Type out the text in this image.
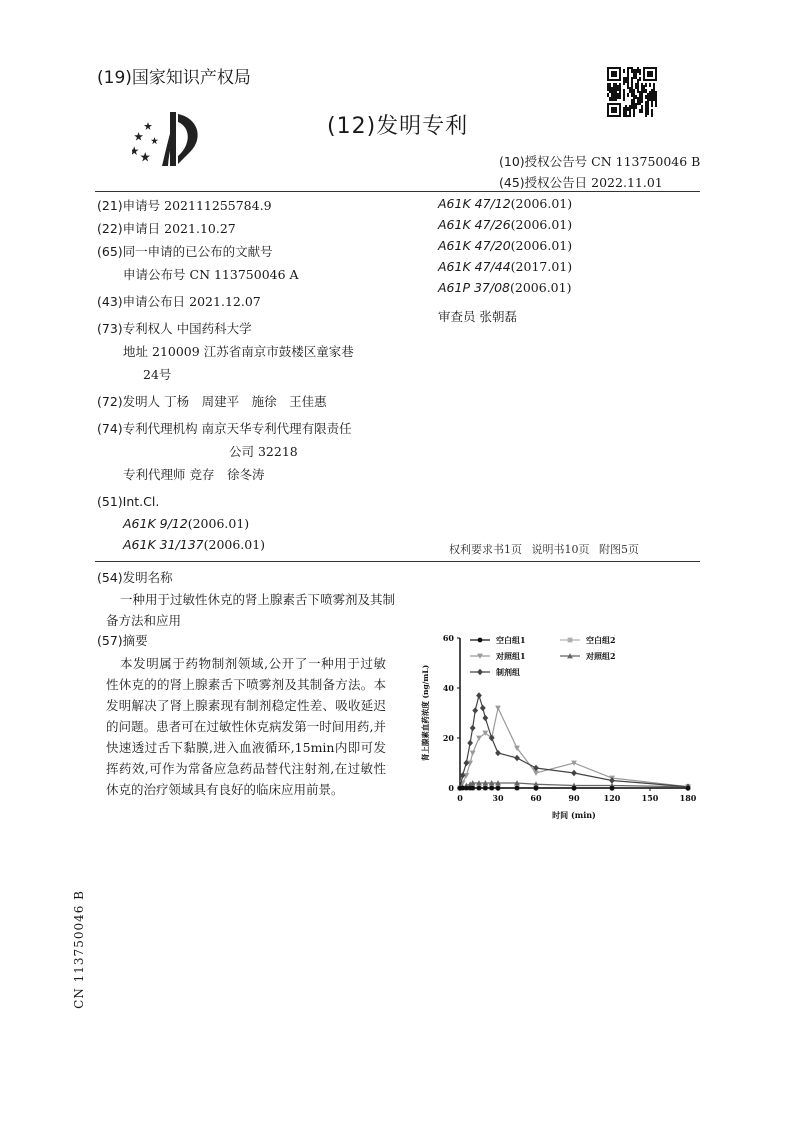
(19)国家知识产权局
(12)发明专利
(10)授权公告号 CN 113750046 B
(45)授权公告日 2022.11.01
(21)申请号 202111255784.9
(22)申请日 2021.10.27
(65)同一申请的已公布的文献号
申请公布号 CN 113750046 A
(43)申请公布日 2021.12.07
(73)专利权人 中国药科大学
地址 210009 江苏省南京市鼓楼区童家巷
24号
(72)发明人 丁杨　周建平　施徐　王佳惠
(74)专利代理机构 南京天华专利代理有限责任
公司 32218
专利代理师 竞存　徐冬涛
(51)Int.Cl.
A61K 9/12(2006.01)
A61K 31/137(2006.01)
A61K 47/12(2006.01)
A61K 47/26(2006.01)
A61K 47/20(2006.01)
A61K 47/44(2017.01)
A61P 37/08(2006.01)
审查员 张朝磊
权利要求书1页 说明书10页 附图5页
(54)发明名称
一种用于过敏性休克的肾上腺素舌下喷雾剂及其制备方法和应用
(57)摘要
本发明属于药物制剂领域,公开了一种用于过敏性休克的的肾上腺素舌下喷雾剂及其制备方法。本发明解决了肾上腺素现有制剂稳定性差、吸收延迟的问题。患者可在过敏性休克病发第一时间用药,并快速透过舌下黏膜,进入血液循环,15min内即可发挥药效,可作为常备应急药品替代注射剂,在过敏性休克的治疗领域具有良好的临床应用前景。
0	30	60	90	120	150	180
0
20
40
60
时间 (min)
肾上腺素血药浓度 (ng/mL)
空白组1	空白组2
对照组1	对照组2
制剂组
CN 113750046 B
